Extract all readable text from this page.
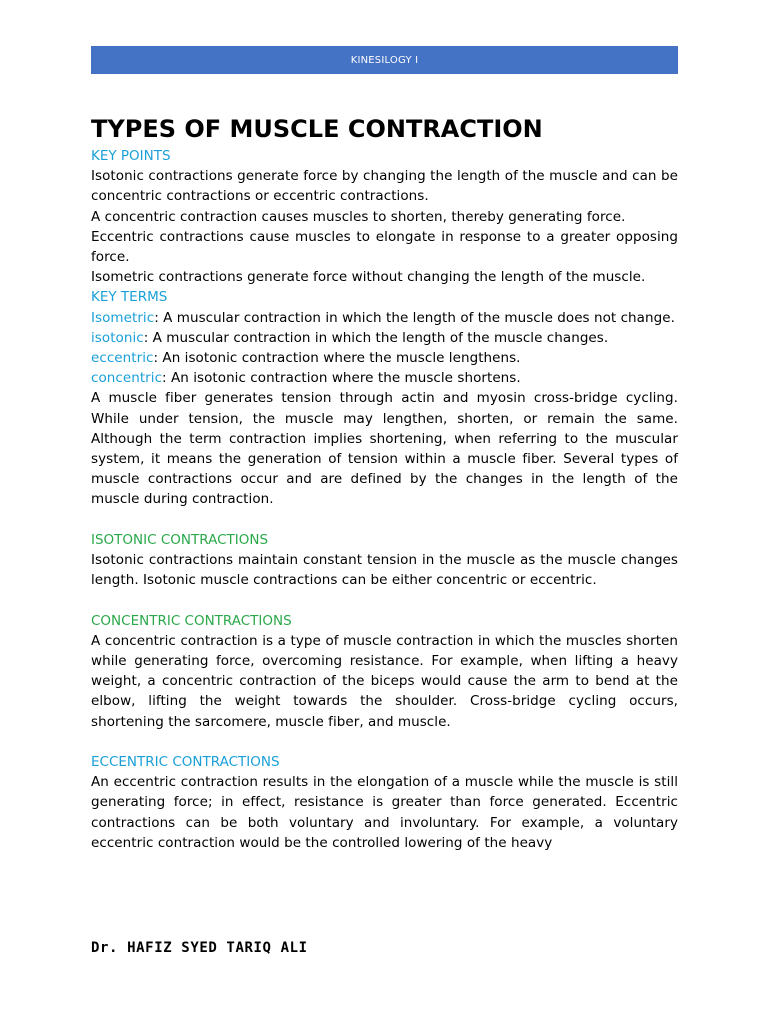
KINESILOGY I
TYPES OF MUSCLE CONTRACTION
KEY POINTS

Isotonic contractions generate force by changing the length of the muscle and can be concentric contractions or eccentric contractions.

A concentric contraction causes muscles to shorten, thereby generating force.

Eccentric contractions cause muscles to elongate in response to a greater opposing force.

Isometric contractions generate force without changing the length of the muscle.

KEY TERMS

Isometric: A muscular contraction in which the length of the muscle does not change.

isotonic: A muscular contraction in which the length of the muscle changes.

eccentric: An isotonic contraction where the muscle lengthens.

concentric: An isotonic contraction where the muscle shortens.

A muscle fiber generates tension through actin and myosin cross-bridge cycling. While under tension, the muscle may lengthen, shorten, or remain the same. Although the term contraction implies shortening, when referring to the muscular system, it means the generation of tension within a muscle fiber. Several types of muscle contractions occur and are defined by the changes in the length of the muscle during contraction.

ISOTONIC CONTRACTIONS

Isotonic contractions maintain constant tension in the muscle as the muscle changes length. Isotonic muscle contractions can be either concentric or eccentric.

CONCENTRIC CONTRACTIONS

A concentric contraction is a type of muscle contraction in which the muscles shorten while generating force, overcoming resistance. For example, when lifting a heavy weight, a concentric contraction of the biceps would cause the arm to bend at the elbow, lifting the weight towards the shoulder. Cross-bridge cycling occurs, shortening the sarcomere, muscle fiber, and muscle.

ECCENTRIC CONTRACTIONS

An eccentric contraction results in the elongation of a muscle while the muscle is still generating force; in effect, resistance is greater than force generated. Eccentric contractions can be both voluntary and involuntary. For example, a voluntary eccentric contraction would be the controlled lowering of the heavy

Dr. HAFIZ SYED TARIQ ALI
